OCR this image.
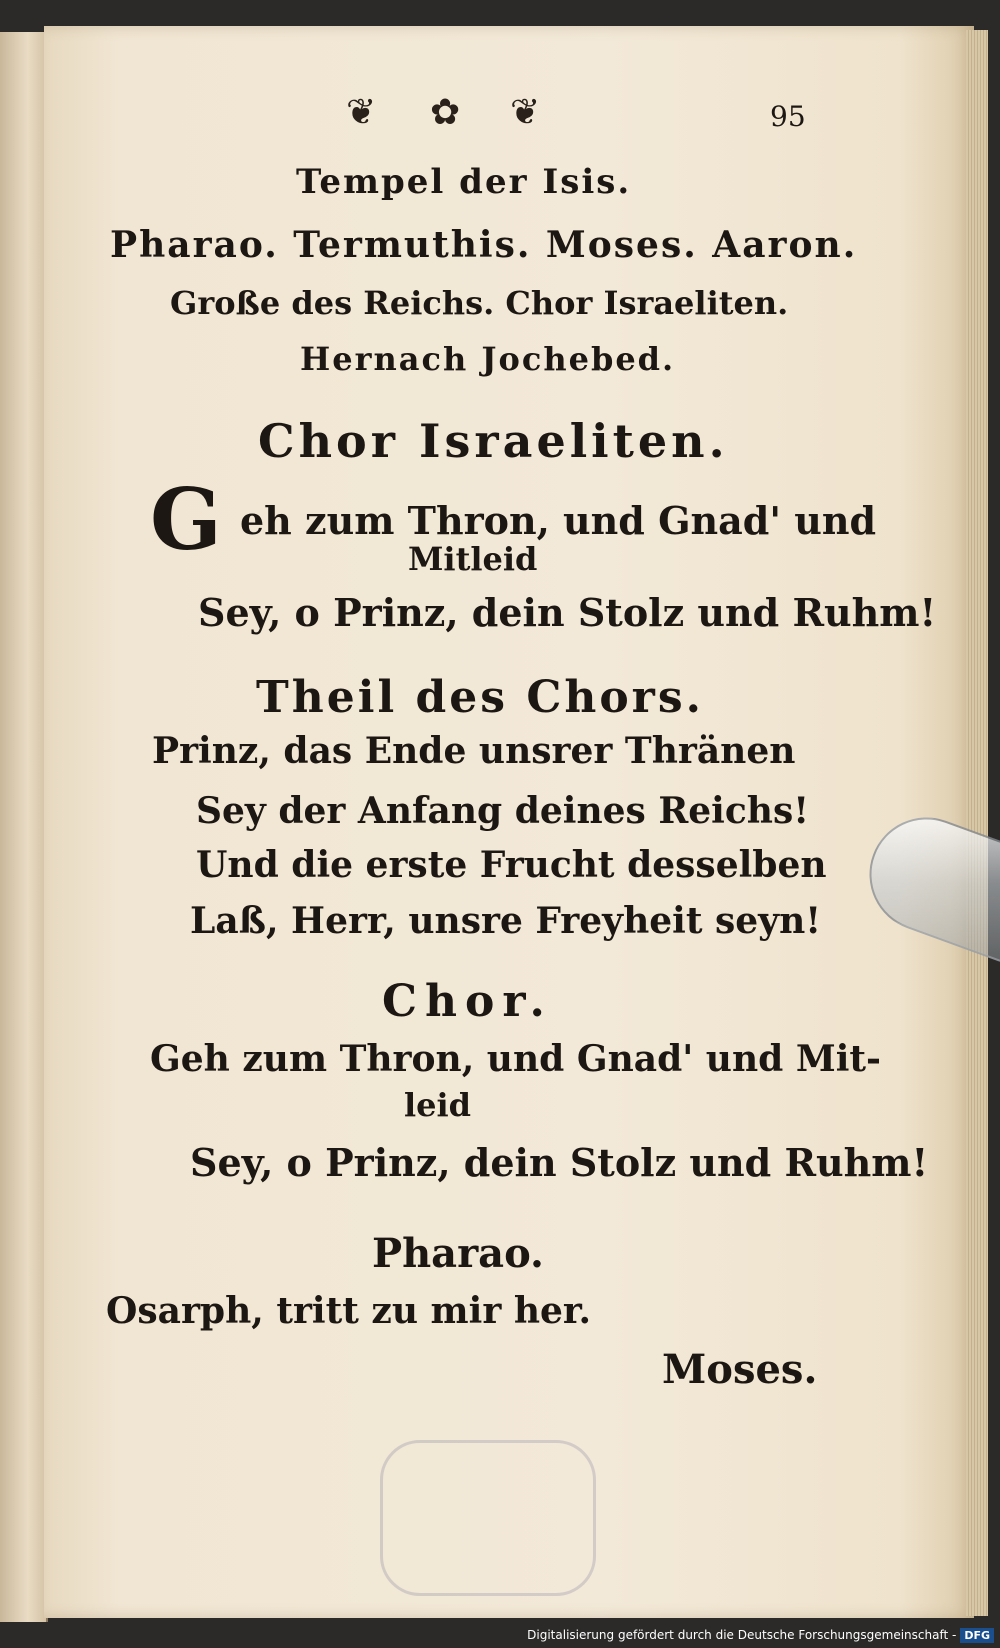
❦ ✿ ❦	95
Tempel der Isis.
Pharao. Termuthis. Moses. Aaron.
Große des Reichs. Chor Israeliten.
Hernach Jochebed.
Chor Israeliten.
G eh zum Thron, und Gnad' und
Mitleid
Sey, o Prinz, dein Stolz und Ruhm!
Theil des Chors.
Prinz, das Ende unsrer Thränen
Sey der Anfang deines Reichs!
Und die erste Frucht desselben
Laß, Herr, unsre Freyheit seyn!
Chor.
Geh zum Thron, und Gnad' und Mit-
leid
Sey, o Prinz, dein Stolz und Ruhm!
Pharao.
Osarph, tritt zu mir her.
Moses.
Digitalisierung gefördert durch die Deutsche Forschungsgemeinschaft - DFG
